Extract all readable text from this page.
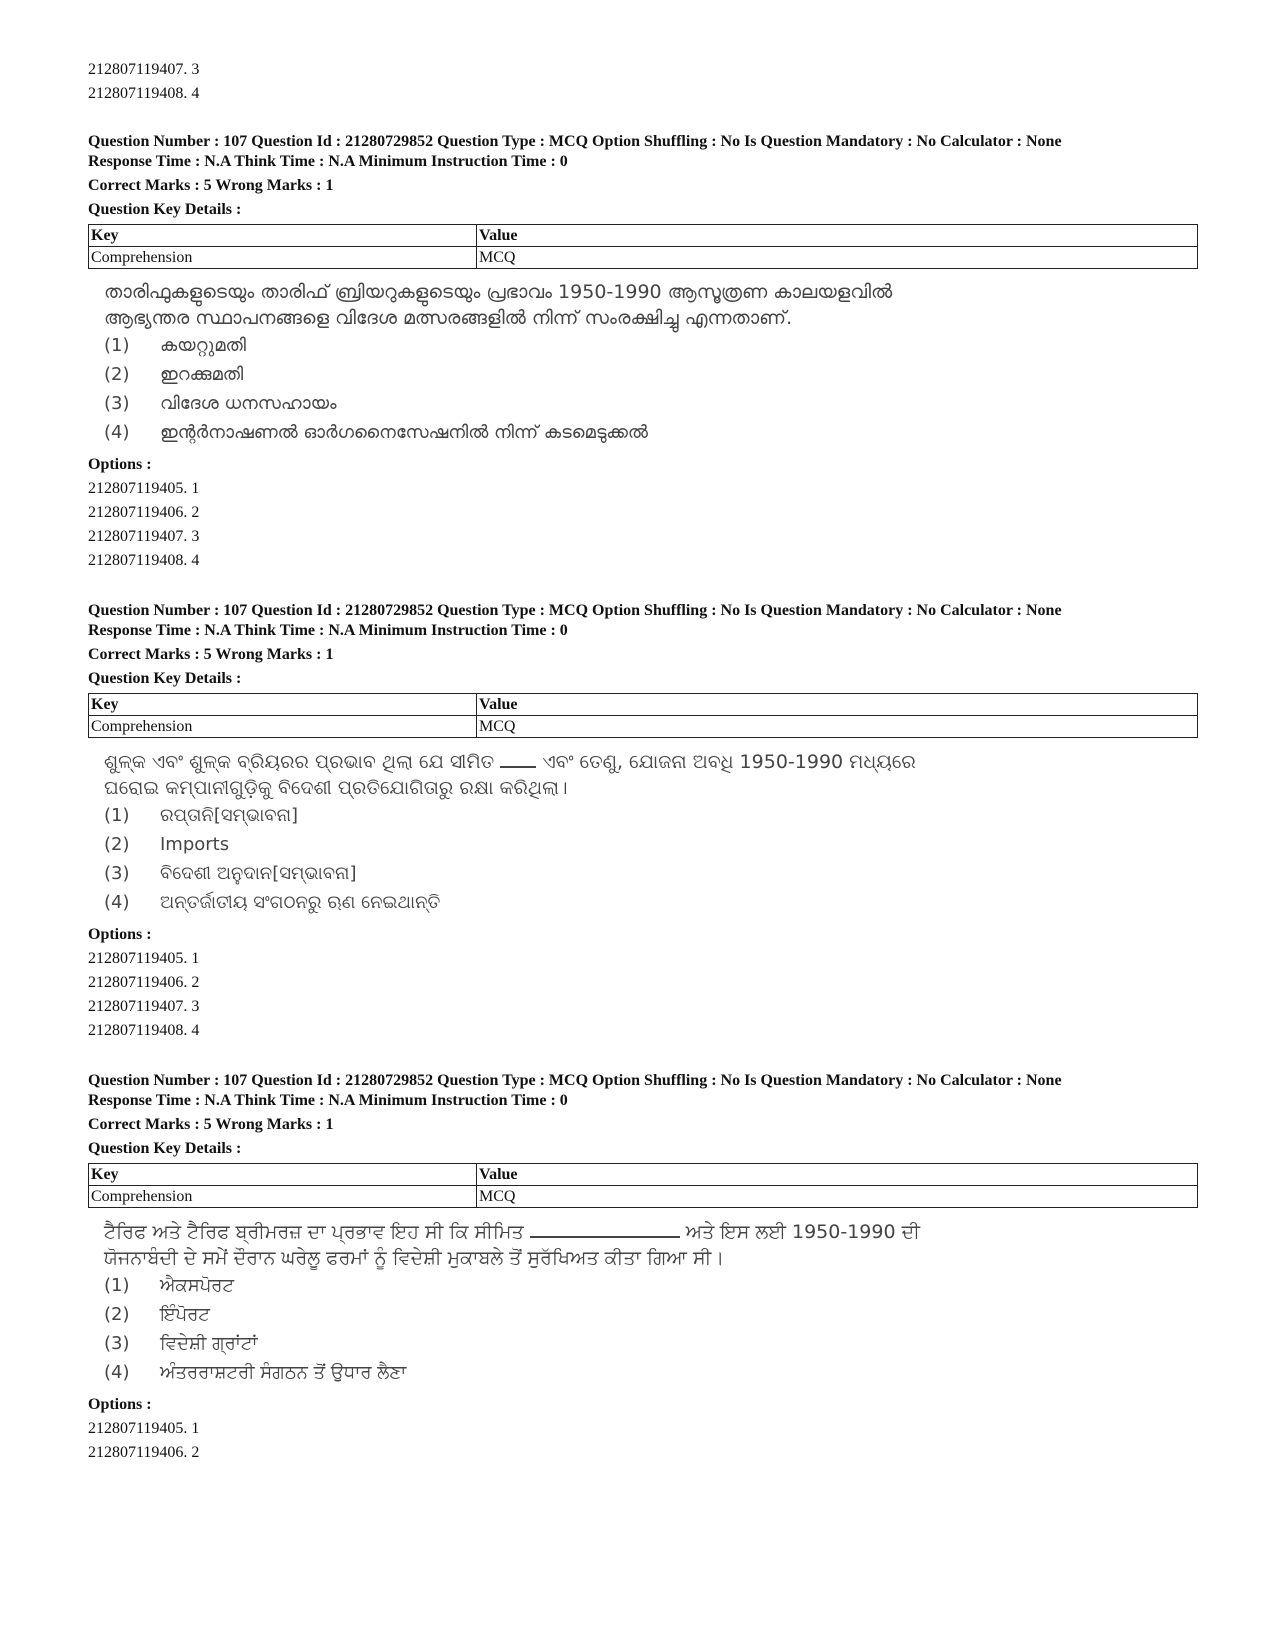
212807119407. 3

212807119408. 4

Question Number : 107 Question Id : 21280729852 Question Type : MCQ Option Shuffling : No Is Question Mandatory : No Calculator : None

Response Time : N.A Think Time : N.A Minimum Instruction Time : 0

Correct Marks : 5 Wrong Marks : 1

Question Key Details :

Key	Value
Comprehension	MCQ
താരിഫുകളുടെയും താരിഫ് ബ്രിയറുകളുടെയും പ്രഭാവം 1950-1990 ആസൂത്രണ കാലയളവിൽ ആഭ്യന്തര സ്ഥാപനങ്ങളെ വിദേശ മത്സരങ്ങളിൽ നിന്ന് സംരക്ഷിച്ചു എന്നതാണ്.
(1)	കയറ്റുമതി
(2)	ഇറക്കുമതി
(3)	വിദേശ ധനസഹായം
(4)	ഇന്റർനാഷണൽ ഓർഗനൈസേഷനിൽ നിന്ന് കടമെടുക്കൽ

Options :

212807119405. 1

212807119406. 2

212807119407. 3

212807119408. 4

Question Number : 107 Question Id : 21280729852 Question Type : MCQ Option Shuffling : No Is Question Mandatory : No Calculator : None

Response Time : N.A Think Time : N.A Minimum Instruction Time : 0

Correct Marks : 5 Wrong Marks : 1

Question Key Details :

Key	Value
Comprehension	MCQ
ଶୁଳ୍କ ଏବଂ ଶୁଳ୍କ ବ୍ରିୟରର ପ୍ରଭାବ ଥିଲା ଯେ ସୀମିତ	ଏବଂ ତେଣୁ, ଯୋଜନା ଅବଧି 1950-1990 ମଧ୍ୟରେ ଘରୋଇ କମ୍ପାନୀଗୁଡ଼ିକୁ ବିଦେଶୀ ପ୍ରତିଯୋଗିତାରୁ ରକ୍ଷା କରିଥିଲା।
(1)	ରପ୍ତାନି[ସମ୍ଭାବନା]
(2)	Imports
(3)	ବିଦେଶୀ ଅନୁଦାନ[ସମ୍ଭାବନା]
(4)	ଅନ୍ତର୍ଜାତୀୟ ସଂଗଠନରୁ ଋଣ ନେଇଥାନ୍ତି

Options :

212807119405. 1

212807119406. 2

212807119407. 3

212807119408. 4

Question Number : 107 Question Id : 21280729852 Question Type : MCQ Option Shuffling : No Is Question Mandatory : No Calculator : None

Response Time : N.A Think Time : N.A Minimum Instruction Time : 0

Correct Marks : 5 Wrong Marks : 1

Question Key Details :

Key	Value
Comprehension	MCQ
ਟੈਰਿਫ ਅਤੇ ਟੈਰਿਫ ਬ੍ਰੀਮਰਜ਼ ਦਾ ਪ੍ਰਭਾਵ ਇਹ ਸੀ ਕਿ ਸੀਮਿਤ	ਅਤੇ ਇਸ ਲਈ 1950-1990 ਦੀ ਯੋਜਨਾਬੰਦੀ ਦੇ ਸਮੇਂ ਦੌਰਾਨ ਘਰੇਲੂ ਫਰਮਾਂ ਨੂੰ ਵਿਦੇਸ਼ੀ ਮੁਕਾਬਲੇ ਤੋਂ ਸੁਰੱਖਿਅਤ ਕੀਤਾ ਗਿਆ ਸੀ।
(1)	ਐਕਸਪੋਰਟ
(2)	ਇੰਪੋਰਟ
(3)	ਵਿਦੇਸ਼ੀ ਗ੍ਰਾਂਟਾਂ
(4)	ਅੰਤਰਰਾਸ਼ਟਰੀ ਸੰਗਠਨ ਤੋਂ ਉਧਾਰ ਲੈਣਾ

Options :

212807119405. 1

212807119406. 2
